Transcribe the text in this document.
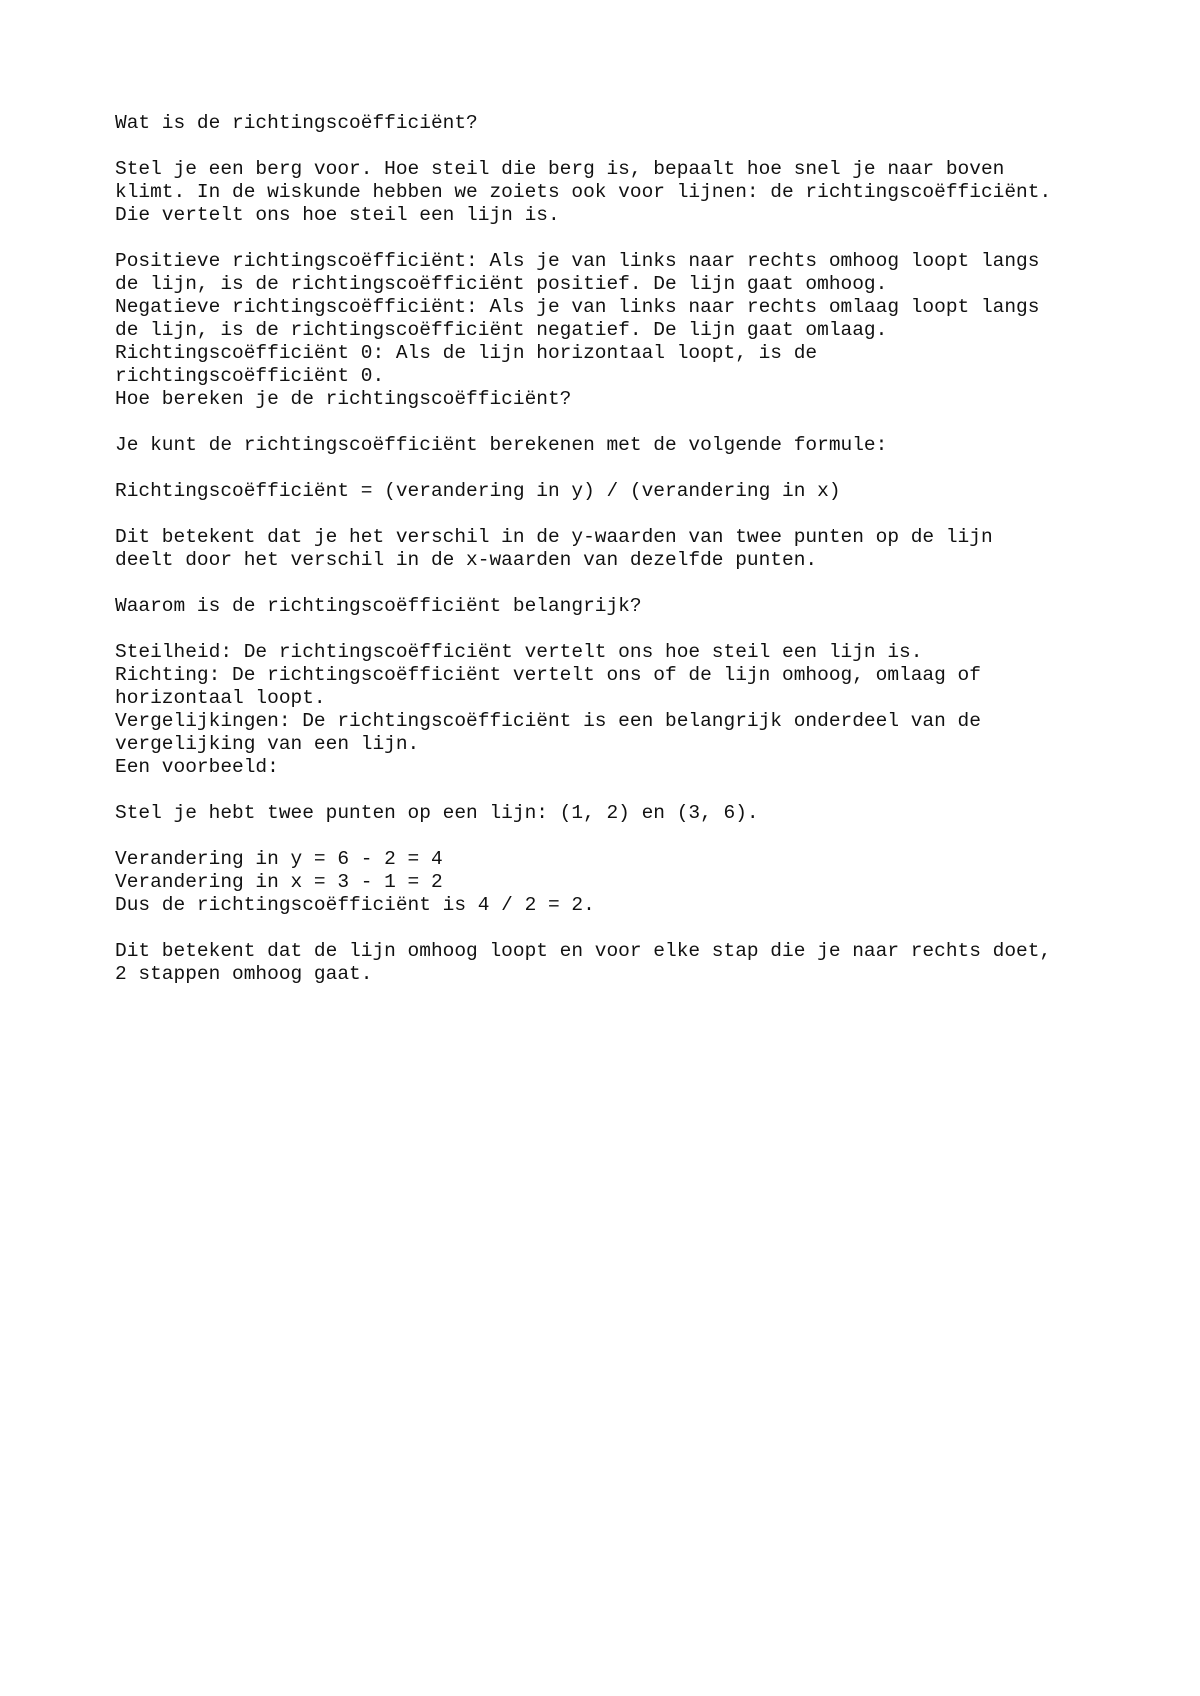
Wat is de richtingscoëfficiënt?
Stel je een berg voor. Hoe steil die berg is, bepaalt hoe snel je naar boven
klimt. In de wiskunde hebben we zoiets ook voor lijnen: de richtingscoëfficiënt.
Die vertelt ons hoe steil een lijn is.
Positieve richtingscoëfficiënt: Als je van links naar rechts omhoog loopt langs
de lijn, is de richtingscoëfficiënt positief. De lijn gaat omhoog.
Negatieve richtingscoëfficiënt: Als je van links naar rechts omlaag loopt langs
de lijn, is de richtingscoëfficiënt negatief. De lijn gaat omlaag.
Richtingscoëfficiënt 0: Als de lijn horizontaal loopt, is de
richtingscoëfficiënt 0.
Hoe bereken je de richtingscoëfficiënt?
Je kunt de richtingscoëfficiënt berekenen met de volgende formule:
Richtingscoëfficiënt = (verandering in y) / (verandering in x)
Dit betekent dat je het verschil in de y-waarden van twee punten op de lijn
deelt door het verschil in de x-waarden van dezelfde punten.
Waarom is de richtingscoëfficiënt belangrijk?
Steilheid: De richtingscoëfficiënt vertelt ons hoe steil een lijn is.
Richting: De richtingscoëfficiënt vertelt ons of de lijn omhoog, omlaag of
horizontaal loopt.
Vergelijkingen: De richtingscoëfficiënt is een belangrijk onderdeel van de
vergelijking van een lijn.
Een voorbeeld:
Stel je hebt twee punten op een lijn: (1, 2) en (3, 6).
Verandering in y = 6 - 2 = 4
Verandering in x = 3 - 1 = 2
Dus de richtingscoëfficiënt is 4 / 2 = 2.
Dit betekent dat de lijn omhoog loopt en voor elke stap die je naar rechts doet,
2 stappen omhoog gaat.
